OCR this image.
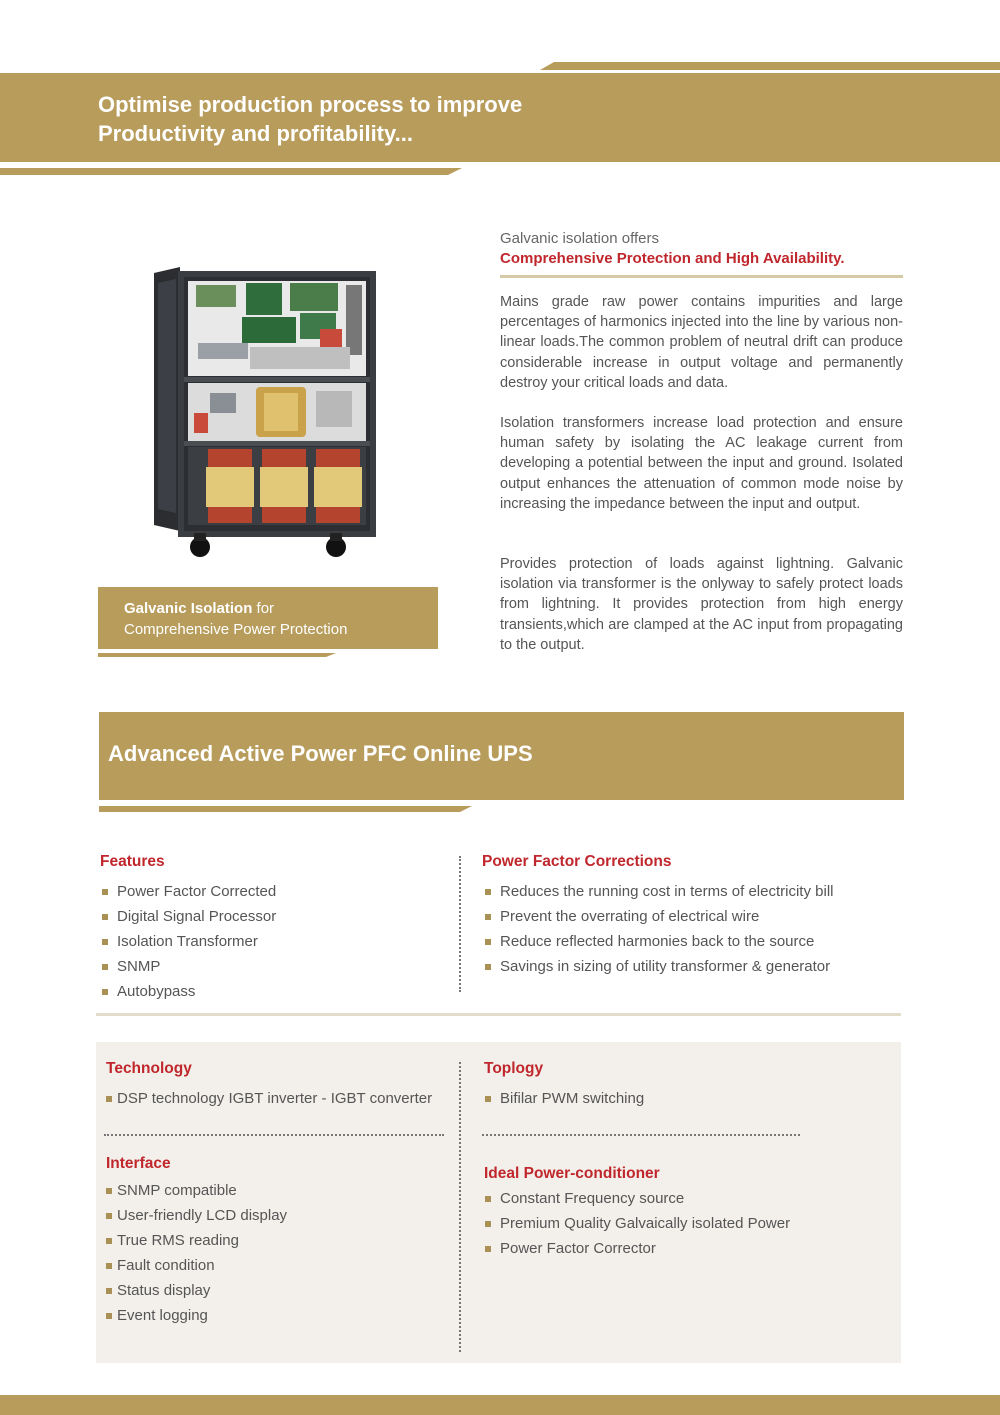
Optimise production process to improve
Productivity and profitability...
Galvanic Isolation for
Comprehensive Power Protection
Galvanic isolation offers
Comprehensive Protection and High Availability.

Mains grade raw power contains impurities and large percentages of harmonics injected into the line by various non-linear loads.The common problem of neutral drift can produce considerable increase in output voltage and permanently destroy your critical loads and data.

Isolation transformers increase load protection and ensure human safety by isolating the AC leakage current from developing a potential between the input and ground. Isolated output enhances the attenuation of common mode noise by increasing the impedance between the input and output.

Provides protection of loads against lightning. Galvanic isolation via transformer is the onlyway to safely protect loads from lightning. It provides protection from high energy transients,which are clamped at the AC input from propagating to the output.

Advanced Active Power PFC Online UPS
Features
Power Factor Corrected
Digital Signal Processor
Isolation Transformer
SNMP
Autobypass
Power Factor Corrections
Reduces the running cost in terms of electricity bill
Prevent the overrating of electrical wire
Reduce reflected harmonies back to the source
Savings in sizing of utility transformer & generator
Technology
DSP technology IGBT inverter - IGBT converter
Interface
SNMP compatible
User-friendly LCD display
True RMS reading
Fault condition
Status display
Event logging
Toplogy
Bifilar PWM switching
Ideal Power-conditioner
Constant Frequency source
Premium Quality Galvaically isolated Power
Power Factor Corrector
